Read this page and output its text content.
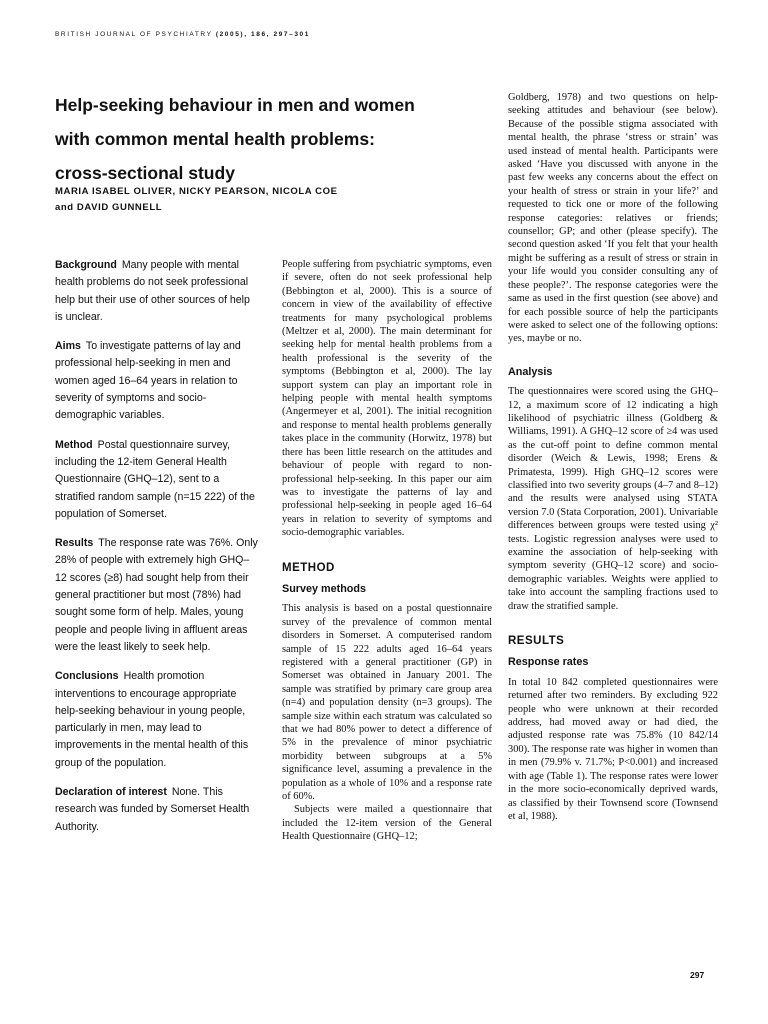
BRITISH JOURNAL OF PSYCHIATRY (2005), 186, 297–301
Help-seeking behaviour in men and women
with common mental health problems:
cross-sectional study
MARIA ISABEL OLIVER, NICKY PEARSON, NICOLA COE
and DAVID GUNNELL

Background Many people with mental health problems do not seek professional help but their use of other sources of help is unclear.

Aims To investigate patterns of lay and professional help-seeking in men and women aged 16–64 years in relation to severity of symptoms and socio-demographic variables.

Method Postal questionnaire survey, including the 12-item General Health Questionnaire (GHQ–12), sent to a stratified random sample (n=15 222) of the population of Somerset.

Results The response rate was 76%. Only 28% of people with extremely high GHQ–12 scores (≥8) had sought help from their general practitioner but most (78%) had sought some form of help. Males, young people and people living in affluent areas were the least likely to seek help.

Conclusions Health promotion interventions to encourage appropriate help-seeking behaviour in young people, particularly in men, may lead to improvements in the mental health of this group of the population.

Declaration of interest None. This research was funded by Somerset Health Authority.

People suffering from psychiatric symptoms, even if severe, often do not seek professional help (Bebbington et al, 2000). This is a source of concern in view of the availability of effective treatments for many psychological problems (Meltzer et al, 2000). The main determinant for seeking help for mental health problems from a health professional is the severity of the symptoms (Bebbington et al, 2000). The lay support system can play an important role in helping people with mental health symptoms (Angermeyer et al, 2001). The initial recognition and response to mental health problems generally takes place in the community (Horwitz, 1978) but there has been little research on the attitudes and behaviour of people with regard to non-professional help-seeking. In this paper our aim was to investigate the patterns of lay and professional help-seeking in people aged 16–64 years in relation to severity of symptoms and socio-demographic variables.

METHOD
Survey methods

This analysis is based on a postal questionnaire survey of the prevalence of common mental disorders in Somerset. A computerised random sample of 15 222 adults aged 16–64 years registered with a general practitioner (GP) in Somerset was obtained in January 2001. The sample was stratified by primary care group area (n=4) and population density (n=3 groups). The sample size within each stratum was calculated so that we had 80% power to detect a difference of 5% in the prevalence of minor psychiatric morbidity between subgroups at a 5% significance level, assuming a prevalence in the population as a whole of 10% and a response rate of 60%.

Subjects were mailed a questionnaire that included the 12-item version of the General Health Questionnaire (GHQ–12;

Goldberg, 1978) and two questions on help-seeking attitudes and behaviour (see below). Because of the possible stigma associated with mental health, the phrase ‘stress or strain’ was used instead of mental health. Participants were asked ‘Have you discussed with anyone in the past few weeks any concerns about the effect on your health of stress or strain in your life?’ and requested to tick one or more of the following response categories: relatives or friends; counsellor; GP; and other (please specify). The second question asked ‘If you felt that your health might be suffering as a result of stress or strain in your life would you consider consulting any of these people?’. The response categories were the same as used in the first question (see above) and for each possible source of help the participants were asked to select one of the following options: yes, maybe or no.

Analysis

The questionnaires were scored using the GHQ–12, a maximum score of 12 indicating a high likelihood of psychiatric illness (Goldberg & Williams, 1991). A GHQ–12 score of ≥4 was used as the cut-off point to define common mental disorder (Weich & Lewis, 1998; Erens & Primatesta, 1999). High GHQ–12 scores were classified into two severity groups (4–7 and 8–12) and the results were analysed using STATA version 7.0 (Stata Corporation, 2001). Univariable differences between groups were tested using χ² tests. Logistic regression analyses were used to examine the association of help-seeking with symptom severity (GHQ–12 score) and socio-demographic variables. Weights were applied to take into account the sampling fractions used to draw the stratified sample.

RESULTS
Response rates

In total 10 842 completed questionnaires were returned after two reminders. By excluding 922 people who were unknown at their recorded address, had moved away or had died, the adjusted response rate was 75.8% (10 842/14 300). The response rate was higher in women than in men (79.9% v. 71.7%; P<0.001) and increased with age (Table 1). The response rates were lower in the more socio-economically deprived wards, as classified by their Townsend score (Townsend et al, 1988).

297
